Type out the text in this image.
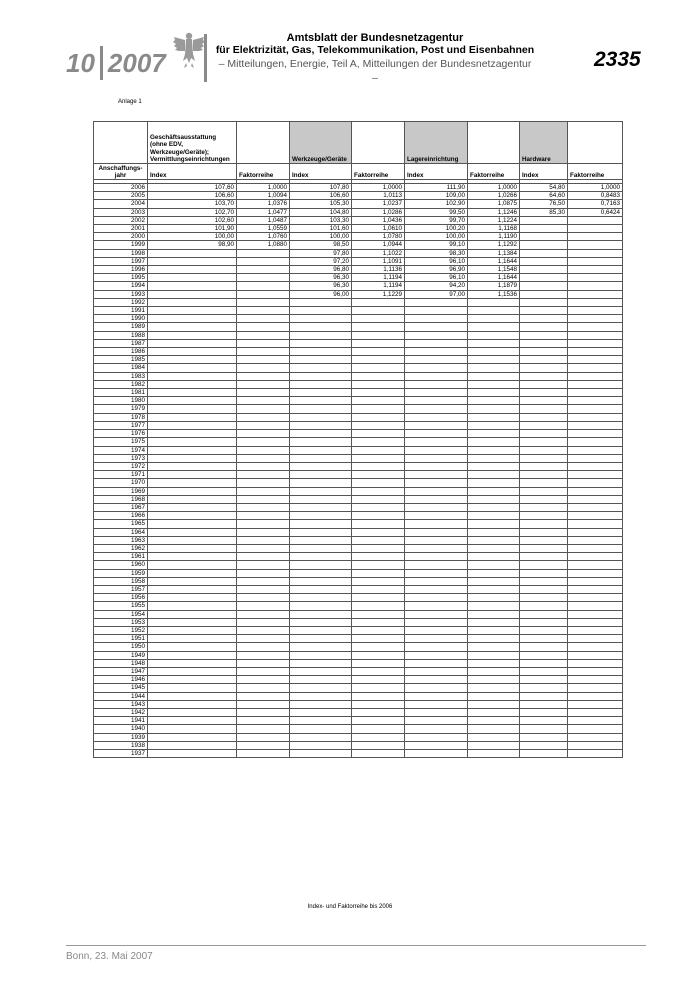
10 2007
Amtsblatt der Bundesnetzagentur
für Elektrizität, Gas, Telekommunikation, Post und Eisenbahnen
– Mitteilungen, Energie, Teil A, Mitteilungen der Bundesnetzagentur –
2335
Anlage 1
	Geschäftsausstattung
(ohne EDV,
Werkzeuge/Geräte);
Vermittlungseinrichtungen		Werkzeuge/Geräte		Lagereinrichtung		Hardware	
Anschaffungs-
jahr	Index	Faktorreihe	Index	Faktorreihe	Index	Faktorreihe	Index	Faktorreihe

2006	107,60	1,0000	107,80	1,0000	111,90	1,0000	54,80	1,0000
2005	106,60	1,0094	106,60	1,0113	109,00	1,0266	64,60	0,8483
2004	103,70	1,0376	105,30	1,0237	102,90	1,0875	76,50	0,7163
2003	102,70	1,0477	104,80	1,0286	99,50	1,1246	85,30	0,6424
2002	102,60	1,0487	103,30	1,0436	99,70	1,1224		
2001	101,90	1,0559	101,60	1,0610	100,20	1,1168		
2000	100,00	1,0760	100,00	1,0780	100,00	1,1190		
1999	98,90	1,0880	98,50	1,0944	99,10	1,1292		
1998			97,80	1,1022	98,30	1,1384		
1997			97,20	1,1091	96,10	1,1644		
1996			96,80	1,1136	96,90	1,1548		
1995			96,30	1,1194	96,10	1,1644		
1994			96,30	1,1194	94,20	1,1879		
1993			96,00	1,1229	97,00	1,1536		
1992								
1991								
1990								
1989								
1988								
1987								
1986								
1985								
1984								
1983								
1982								
1981								
1980								
1979								
1978								
1977								
1976								
1975								
1974								
1973								
1972								
1971								
1970								
1969								
1968								
1967								
1966								
1965								
1964								
1963								
1962								
1961								
1960								
1959								
1958								
1957								
1956								
1955								
1954								
1953								
1952								
1951								
1950								
1949								
1948								
1947								
1946								
1945								
1944								
1943								
1942								
1941								
1940								
1939								
1938								
1937								
Index- und Faktorreihe bis 2006
Bonn, 23. Mai 2007
